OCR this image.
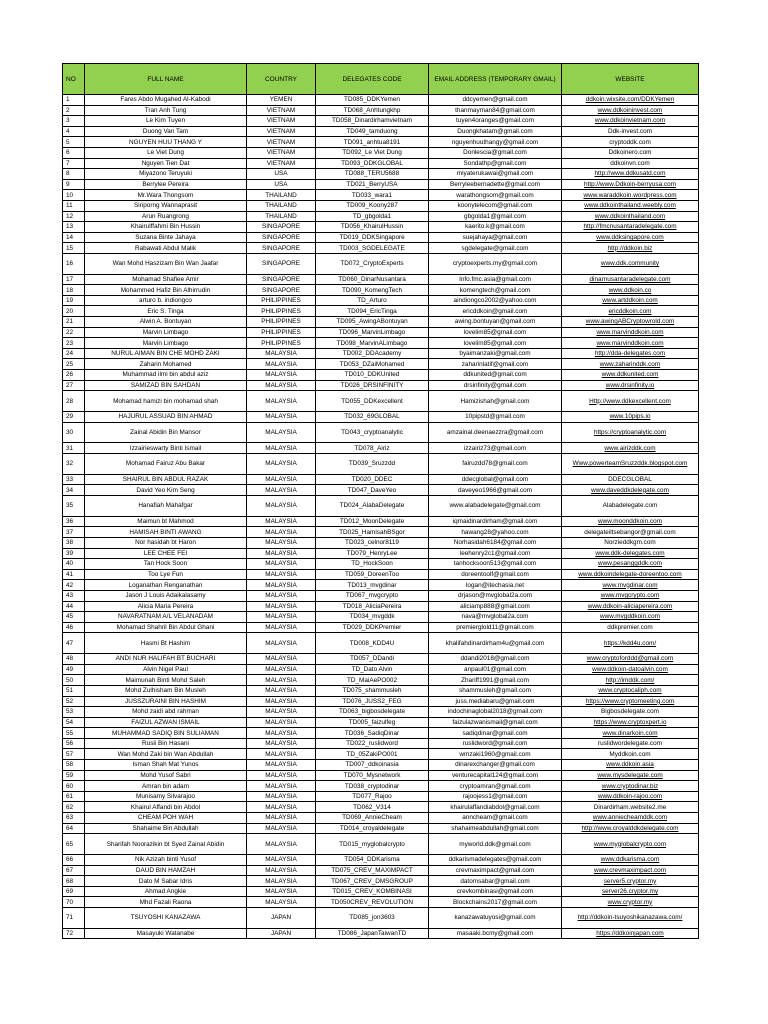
NO	FULL NAME	COUNTRY	DELEGATES CODE	EMAIL ADDRESS (TEMPORARY GMAIL)	WEBSITE
1	Fares Abdo Mugahed Al-Kabodi	YEMEN	TD085_DDKYemen	ddcyemen@gmail.com	ddkoin.wixsite.com/DDKYemen
2	Tran Anh Tung	VIETNAM	TD068_Anhtungkhp	thanmayman84@gmail.com	www.ddkoininvest.com
3	Le Kim Tuyen	VIETNAM	TD058_Dinardirhamvietnam	tuyen4oranges@gmail.com	www.ddkoinvietnam.com
4	Duong Van Tam	VIETNAM	TD049_tamduong	Duongkhatam@gmail.com	Ddk-invest.com
5	NGUYEN HUU THANG Y	VIETNAM	TD091_anhtua8191	nguyenhuuthangy@gmail.com	cryptoddk.com
6	Le Viet Dung	VIETNAM	TD092_Le Viet Dung	Donlescia@gmail.com	Ddkoinero.com
7	Nguyen Tien Dat	VIETNAM	TD093_DDKGLOBAL	Sondathp@gmail.com	ddkoinvn.com
8	Miyazono Teruyuki	USA	TD088_TERU5688	miyaterukawai@gmail.com	http://www.ddkusatd.com
9	Berrylee Pereira	USA	TD021_BerryUSA	Berryleebernadette@gmail.com	http://www.Ddkoin-berryusa.com
10	Mr.Wara Thongsom	THAILAND	TD033_wara1	warathongsom@gmail.com	www.waraddkoin.wordpress.com
11	Siriporng Wannaprasit	THAILAND	TD009_Koony287	koonytelecom@gmail.com	www.ddkointhailand.weebly.com
12	Arun Ruangrong	THAILAND	TD_gbgolda1	gbgolda1@gmail.com	www.ddkointhailand.com
13	Khairulffahmi Bin Hussin	SINGAPORE	TD056_KhairulHussin	kaerito.k@gmail.com	http://fmcnusantaradelegate.com
14	Suzana Binte Jahaya	SINGAPORE	TD019_DDKSingapore	suejahaya@gmail.com	www.ddksingapore.com
15	Rabawati Abdul Malik	SINGAPORE	TD003_SGDELEGATE	sgdelegate@gmail.com	http://ddkoin.biz
16	Wan Mohd Haszizam Bin Wan Jaafar	SINGAPORE	TD072_CryptoExperts	cryptoexperts.my@gmail.com	www.ddk.community
17	Mohamad Shafiee Amir	SINGAPORE	TD060_DinarNusantara	Info.fmc.asia@gmail.com	dinarnusantaradelegate.com
18	Mohammed Hafiz Bin Alhirrudin	SINGAPORE	TD090_KomengTech	komengtech@gmail.com	www.ddkoin.co
19	arturo b. indiongco	PHILIPPINES	TD_Arturo	aindiongco2002@yahoo.com	www.artddkoin.com
20	Eric S. Tinga	PHILIPPINES	TD094_EricTinga	ericddkoin@gmail.com	ericddkoin.com
21	Alwin A. Bontuyan	PHILIPPINES	TD095_AwingABontuyan	awing.bontuyan@gmail.com	www.awingABCryptowrold.com
22	Marvin Limbago	PHILIPPINES	TD096_MarvinLimbago	lovelim85@gmail.com	www.marvinddkoin.com
23	Marvin Limbago	PHILIPPINES	TD098_MarvinALimbago	lovelim85@gmail.com	www.marvinddkoin.com
24	NURUL AIMAN BIN CHE MOHD ZAKI	MALAYSIA	TD002_DDAcademy	byaimanzaki@gmail.com	http://dda-delegates.com
25	Zaharin Mohamed	MALAYSIA	TD053_DZaiMohamed	zaharinlatif@gmail.com	www.zaharinddk.com
26	Muhammad ilmi bin abdul aziz	MALAYSIA	TD010_DDKUnited	ddkunited@gmail.com	www.ddkunited.com
27	SAMIZAD BIN SAHDAN	MALAYSIA	TD026_DRSINFINITY	drsinfinity@gmail.com	www.drsinfinity.io
28	Mohamad hamizi bin mohamad shah	MALAYSIA	TD055_DDKexcellent	Hamizishah@gmail.com	Http://www.ddkexcellent.com
29	HAJURUL ASSUAD BIN AHMAD	MALAYSIA	TD032_69GLOBAL	10pipstd@gmail.com	www.10pips.io
30	Zainal Abidin Bin Mansor	MALAYSIA	TD043_cryptoanalytic	amzainal.deenaezzra@gmail.com	https://cryptoanalytic.com
31	Izzairieswarty Binti Ismail	MALAYSIA	TD078_Airiz	izzairiz73@gmail.com	www.airizddk.com
32	Mohamad Fairuz Abu Bakar	MALAYSIA	TD039_Sruzzdd	fairuzdd78@gmail.com	Www.powerteamSruzzddk.blogspot.com
33	SHAIRUL BIN ABDUL RAZAK	MALAYSIA	TD020_DDEC	ddecglobal@gmail.com	DDECGLOBAL
34	David Yeo Kim Seng	MALAYSIA	TD047_DaveYeo	daveyeo1966@gmail.com	www.daveddkdelegate.com
35	Hanafiah Mahafgar	MALAYSIA	TD024_AlabaDelegate	www.alabadelegate@gmail.com	Alabadelegate.com
36	Maimun bt Mahmod	MALAYSIA	TD012_MoonDelegate	iqmaidinardirham@gmail.com	www.moonddkoin.com
37	HAMISAH BINTI AWANG	MALAYSIA	TD025_HamisahBSgor	hawang28@yahoo.com	delegateiltsebangor@gmail.com
38	Nor hasidah bt Haron	MALAYSIA	TD023_celnor8119	Norhasidah6184@gmail.com	Norzieddkgm.com
39	LEE CHEE FEI	MALAYSIA	TD079_HenryLee	leehenry2c1@gmail.com	www.ddk-delegates.com
40	Tan Hock Soon	MALAYSIA	TD_HockSoon	tanhocksoon513@gmail.com	www.pesanggddk.com
41	Too Lye Fun	MALAYSIA	TD059_DoreenToo	doreentoolf@gmail.com	www.ddkoindelegate-doreentoo.com
42	Loganathan Renganathan	MALAYSIA	TD013_mvgdinar	logan@itechasia.net	www.mvgdinar.com
43	Jason J Louis Adaikalasamy	MALAYSIA	TD067_mvgcrypto	drjason@mvglobal2a.com	www.mvgcrypto.com
44	Alicia Maria Pereira	MALAYSIA	TD018_AliciaPereira	aliciamp888@gmail.com	www.ddkoin-aliciapereira.com
45	NAVARATNAM A/L VELANADAM	MALAYSIA	TD034_mvgddk	nava@mvglobal2a.com	www.mvgddkoin.com
46	Mohamad Shahril Bin Abdul Ghani	MALAYSIA	TD029_DDKPremier	premierglold11@gmail.com	ddkpremier.com
47	Hasmi Bt Hashim	MALAYSIA	TD008_KDD4U	khalifahdinardirham4u@gmail.com	https://kdd4u.com/
48	ANDI NUR HALIFAH BT BUCHARI	MALAYSIA	TD057_DDandi	ddandi2018@gmail.com	www.cryptoforddd@gmail.com
49	Alvin Nigel Paul	MALAYSIA	TD_Dato Alvin	anpaul01@gmail.com	www.ddkoin-datoalvin.com
50	Maimunah Binti Mohd Saleh	MALAYSIA	TD_MaiAePO002	Zhariff1991@gmail.com	http://imddk.com/
51	Mohd Zulhisham Bin Musleh	MALAYSIA	TD075_shammusleh	shammusleh@gmail.com	www.cryptocaliph.com
52	JUSSZURAINI BIN HASHIM	MALAYSIA	TD076_JUSS2_FEG	juss.mediabaru@gmail.com	https://www.cryptomeeting.com
53	Mohd zaidi abd rahman	MALAYSIA	TD063_bigbosdelegate	indochinaglobal2018@gmail.com	Bigbosdelegate.com
54	FAIZUL AZWAN ISMAIL	MALAYSIA	TD005_faizulfeg	faizulazwanismail@gmail.com	https://www.cryptoxpert.io
55	MUHAMMAD SADIQ BIN SULIAMAN	MALAYSIA	TD036_SadiqDinar	sadiqdinar@gmail.com	www.dinarkoin.com
56	Rusli Bin Hasani	MALAYSIA	TD022_ruslidword	ruslidword@gmail.com	ruslidwordelegate.com
57	Wan Mohd Zaki bin Wan Abdullah	MALAYSIA	TD_05ZakiPO001	wmzaki1960@gmail.com	Myddkoin.com
58	Isman Shah Mat Yunos	MALAYSIA	TD007_ddkoinasia	dinarexchanger@gmail.com	www.ddkoin.asia
59	Mohd Yusof Sabri	MALAYSIA	TD070_Mysnetwork	venturecapital124@gmail.com	www.mysdelegate.com
60	Amran bin adam	MALAYSIA	TD038_cryptodinar	cryptoamran@gmail.com	www.cryptodinar.biz
61	Munisamy Silvarajoo	MALAYSIA	TD077_Rajoo	rajoojess1@gmail.com	www.ddkoin-rajoo.com
62	Khairul Affandi bin Abdol	MALAYSIA	TD062_V314	khairulaffandiabdol@gmail.com	Dinardirham.website2.me
63	CHEAM POH WAH	MALAYSIA	TD069_AnnieCheam	anncheam@gmail.com	www.anniecheamddk.com
64	Shahaime Bin Abdullah	MALAYSIA	TD014_croyaldelegate	shahaimeabdullah@gmail.com	http://www.croyalddkdelegate.com
65	Sharifah Noorazikin bt Syed Zainal Abidin	MALAYSIA	TD015_myglobalcrypto	myworld.ddk@gmail.com	www.myglobalcrypto.com
66	Nik Azizah binti Yusof	MALAYSIA	TD054_DDKarisma	ddkarismadelegates@gmail.com	www.ddkarisma.com
67	DAUD BIN HAMZAH	MALAYSIA	TD075_CREV_MAXIMPACT	crevmaximpact@gmail.com	www.crevmaximpact.com
68	Dato M Sabar Idris	MALAYSIA	TD067_CREV_DMSGROUP	datomsabar@gmail.com	server5.cryptor.my
69	Ahmad Angkie	MALAYSIA	TD015_CREV_KOMBINASI	crevkombinasi@gmail.com	server26.cryptor.my
70	Mhd Fazali Raona	MALAYSIA	TD050CREV_REVOLUTION	Blockchains2017@gmail.com	www.cryptor.my
71	TSUYOSHI KANAZAWA	JAPAN	TD085_jon3603	kanazawatuyosi@gmail.com	http://ddkoin-tsuyoshikanazawa.com/
72	Masayuki Watanabe	JAPAN	TD086_JapanTaiwanTD	masaaki.bcmy@gmail.com	https://ddkoinjapan.com
